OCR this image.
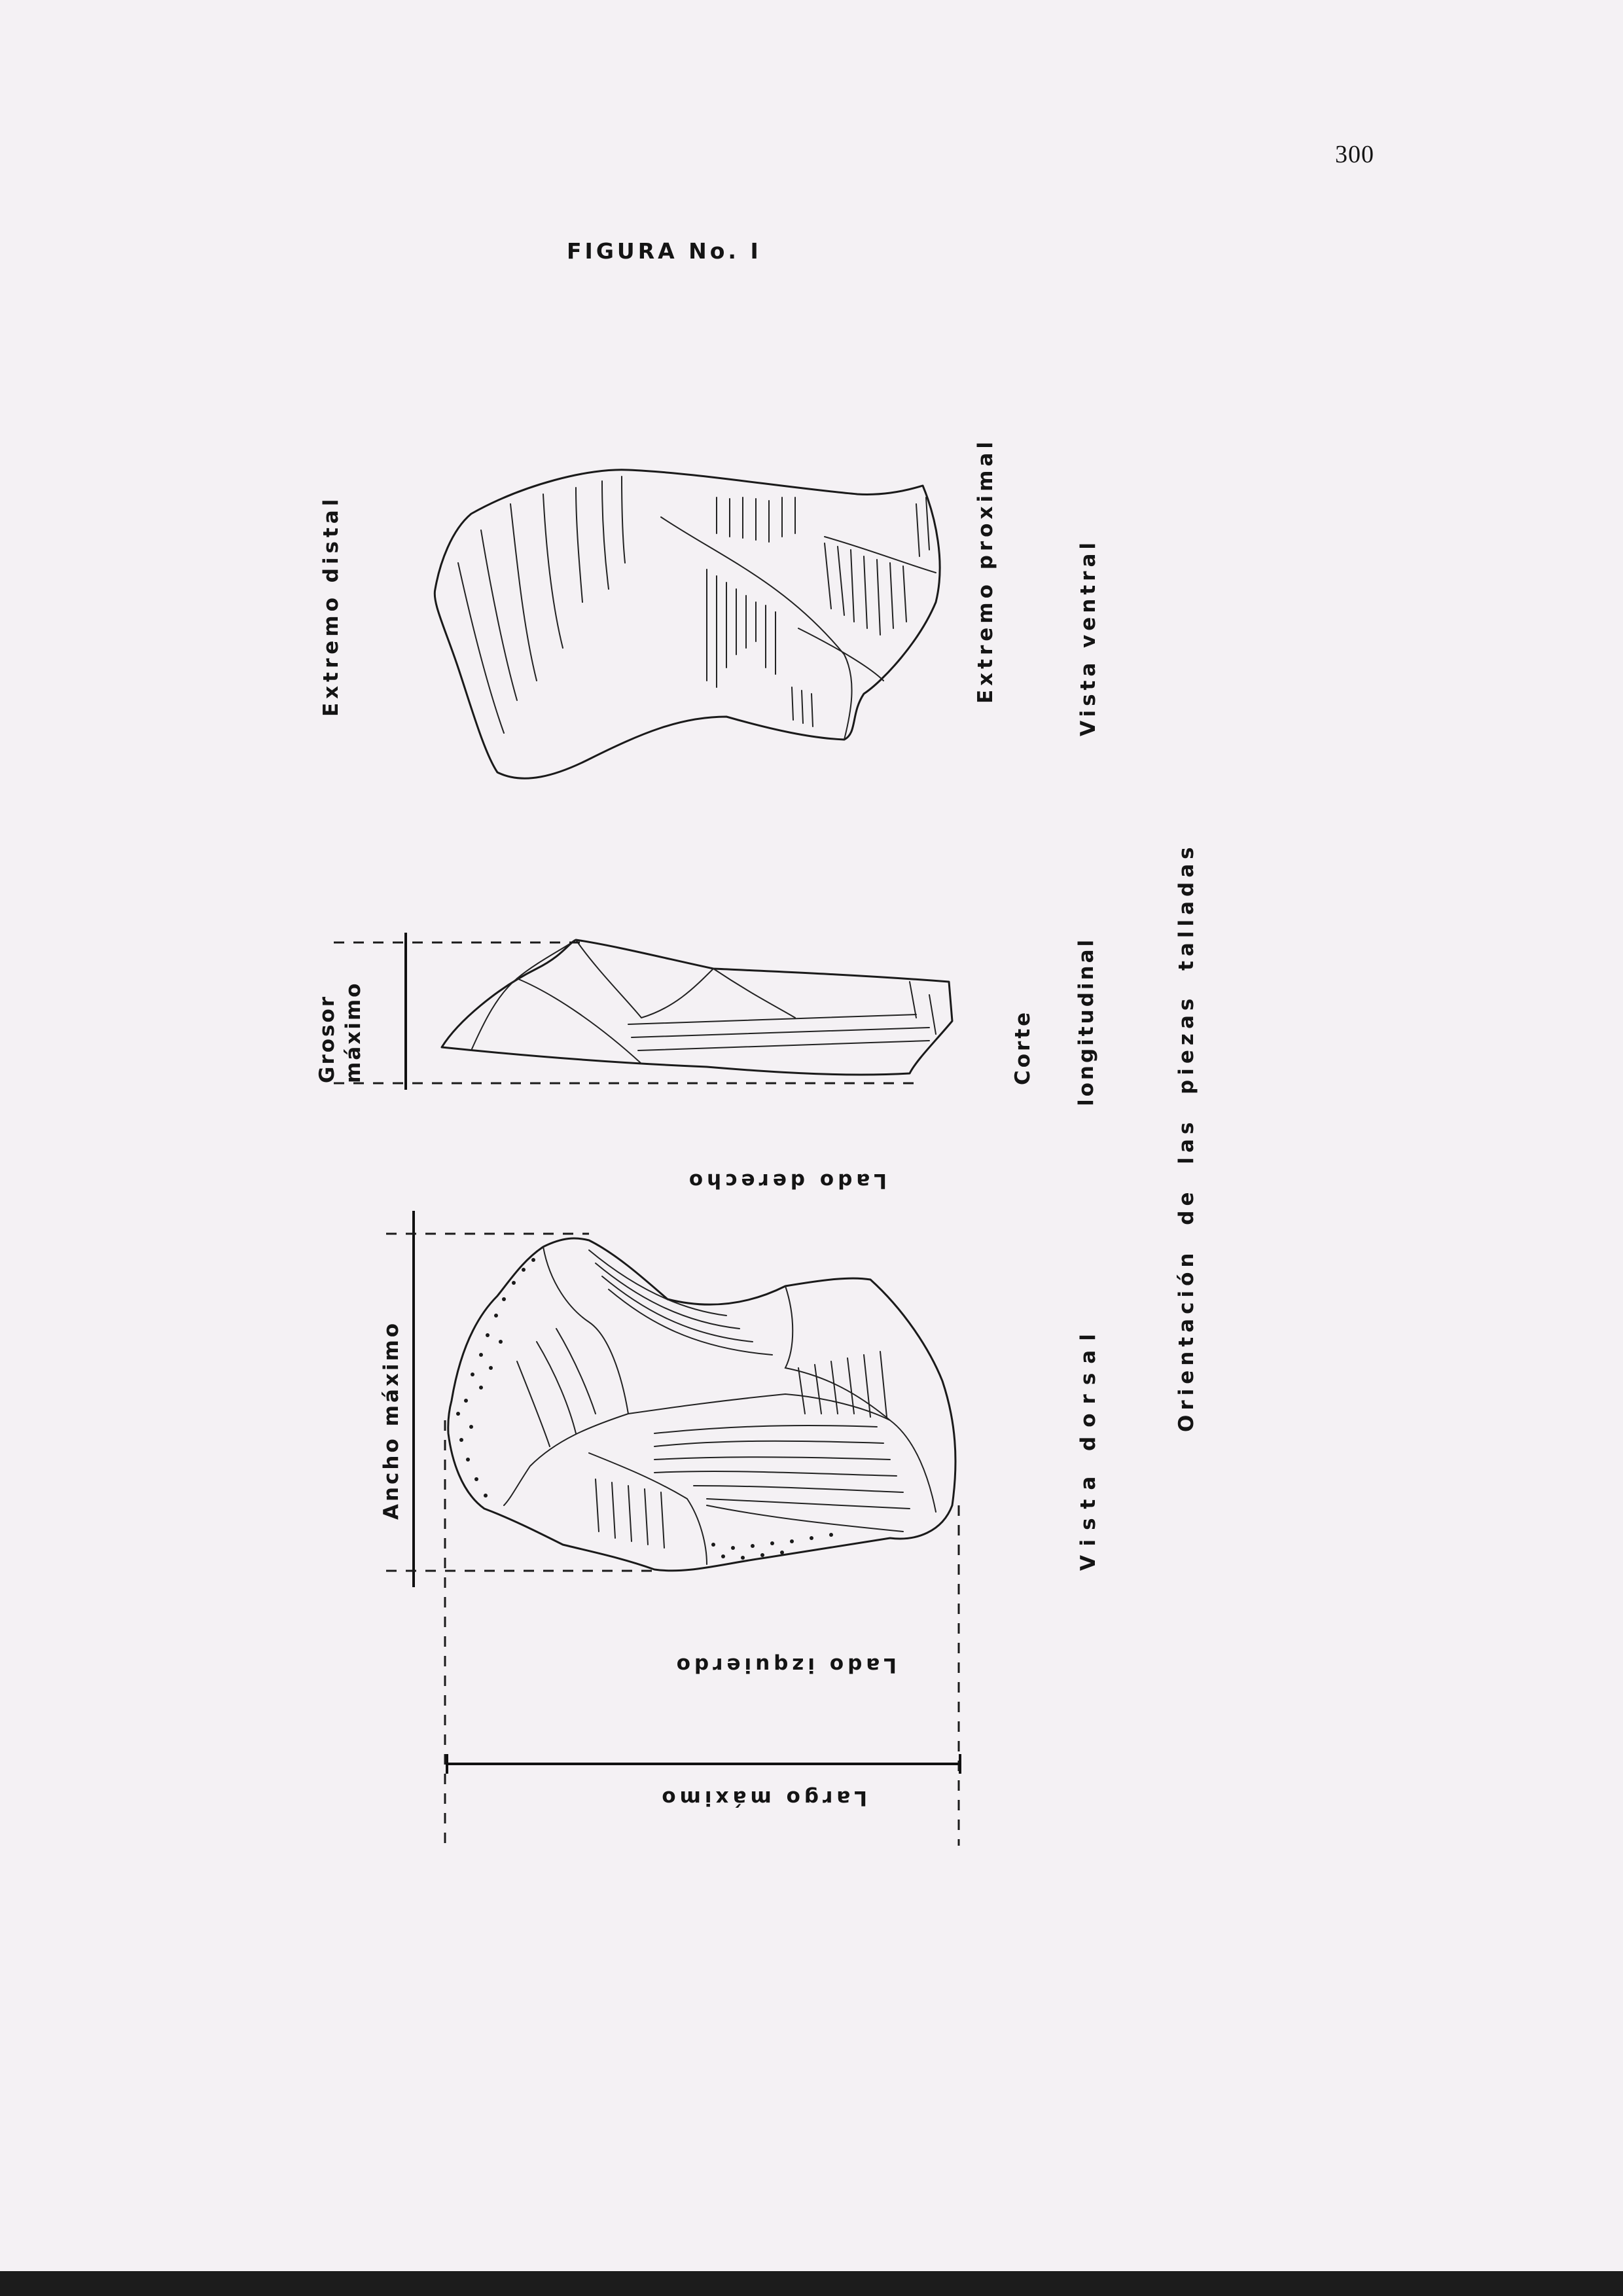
300
FIGURA No. I
Extremo distal	Extremo proximal	Vista ventral
Grosor máximo	Corte longitudinal
Lado derecho
Ancho máximo	Vista dorsal
Lado izquierdo
Largo máximo
Orientación de las piezas talladas
